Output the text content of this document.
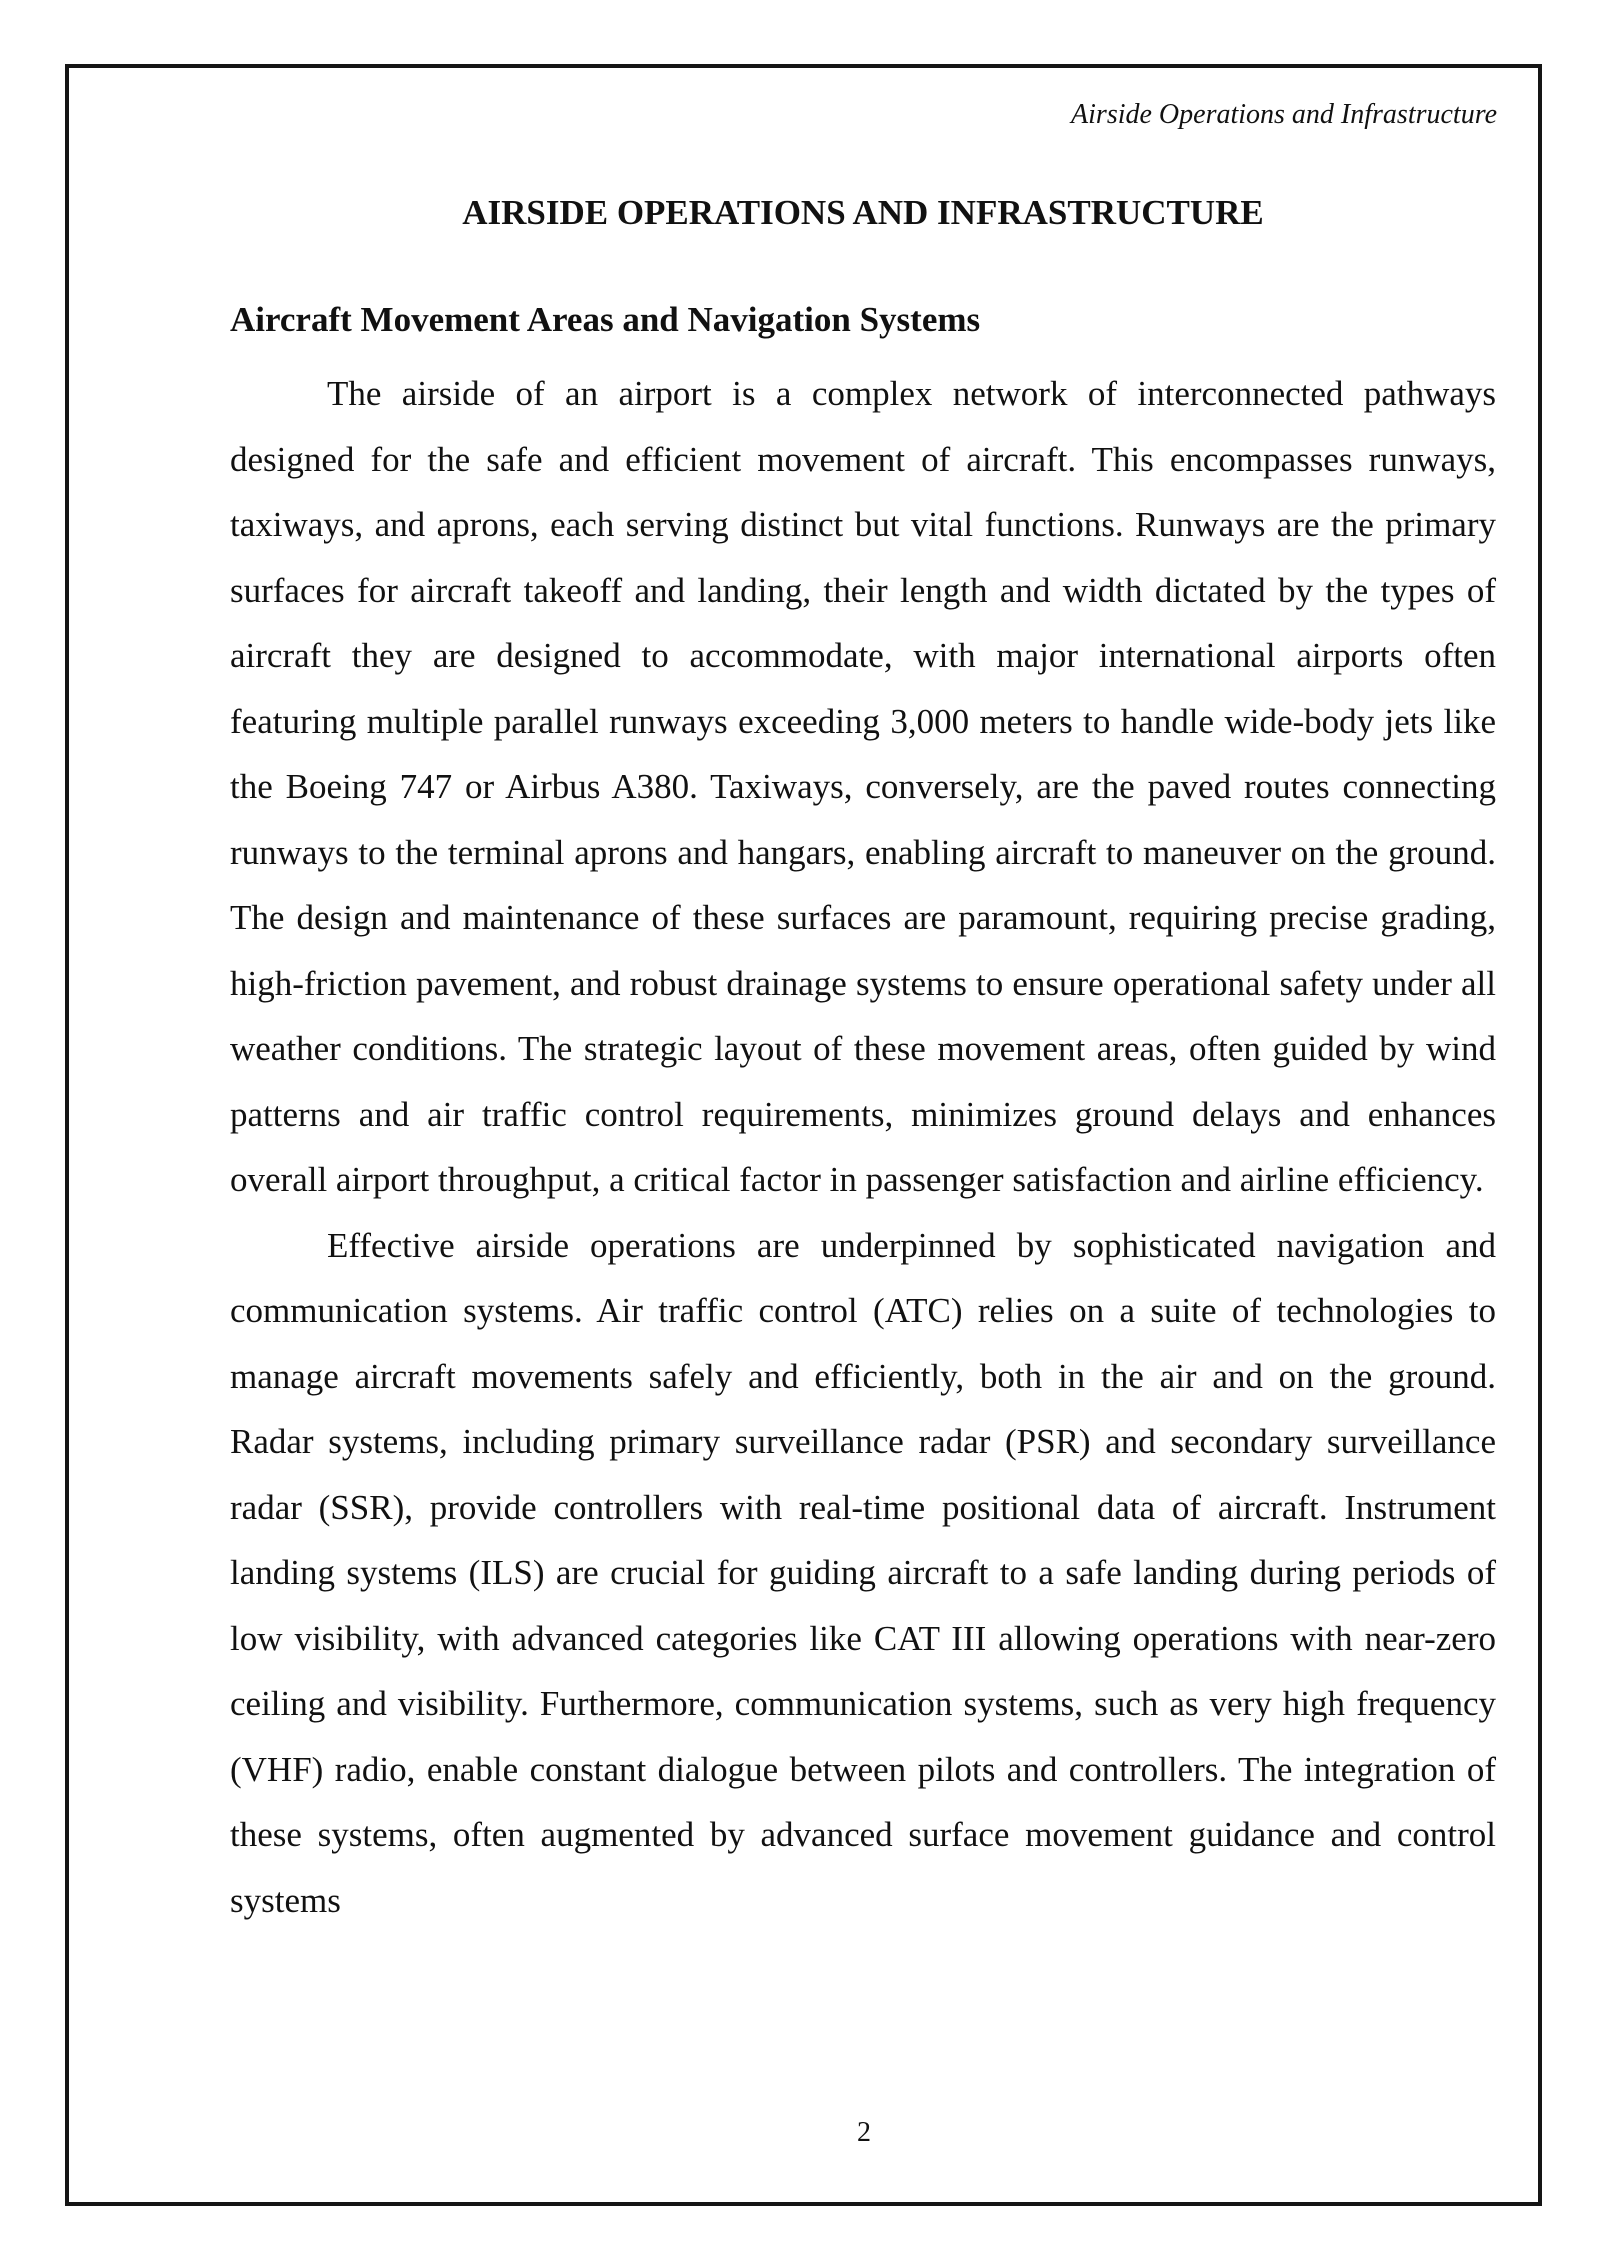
Airside Operations and Infrastructure
AIRSIDE OPERATIONS AND INFRASTRUCTURE
Aircraft Movement Areas and Navigation Systems

The airside of an airport is a complex network of interconnected pathways designed for the safe and efficient movement of aircraft. This encompasses runways, taxiways, and aprons, each serving distinct but vital functions. Runways are the primary surfaces for aircraft takeoff and landing, their length and width dictated by the types of aircraft they are designed to accommodate, with major international airports often featuring multiple parallel runways exceeding 3,000 meters to handle wide-body jets like the Boeing 747 or Airbus A380. Taxiways, conversely, are the paved routes connecting runways to the terminal aprons and hangars, enabling aircraft to maneuver on the ground. The design and maintenance of these surfaces are paramount, requiring precise grading, high-friction pavement, and robust drainage systems to ensure operational safety under all weather conditions. The strategic layout of these movement areas, often guided by wind patterns and air traffic control requirements, minimizes ground delays and enhances overall airport throughput, a critical factor in passenger satisfaction and airline efficiency.

Effective airside operations are underpinned by sophisticated navigation and communication systems. Air traffic control (ATC) relies on a suite of technologies to manage aircraft movements safely and efficiently, both in the air and on the ground. Radar systems, including primary surveillance radar (PSR) and secondary surveillance radar (SSR), provide controllers with real-time positional data of aircraft. Instrument landing systems (ILS) are crucial for guiding aircraft to a safe landing during periods of low visibility, with advanced categories like CAT III allowing operations with near-zero ceiling and visibility. Furthermore, communication systems, such as very high frequency (VHF) radio, enable constant dialogue between pilots and controllers. The integration of these systems, often augmented by advanced surface movement guidance and control systems

2
